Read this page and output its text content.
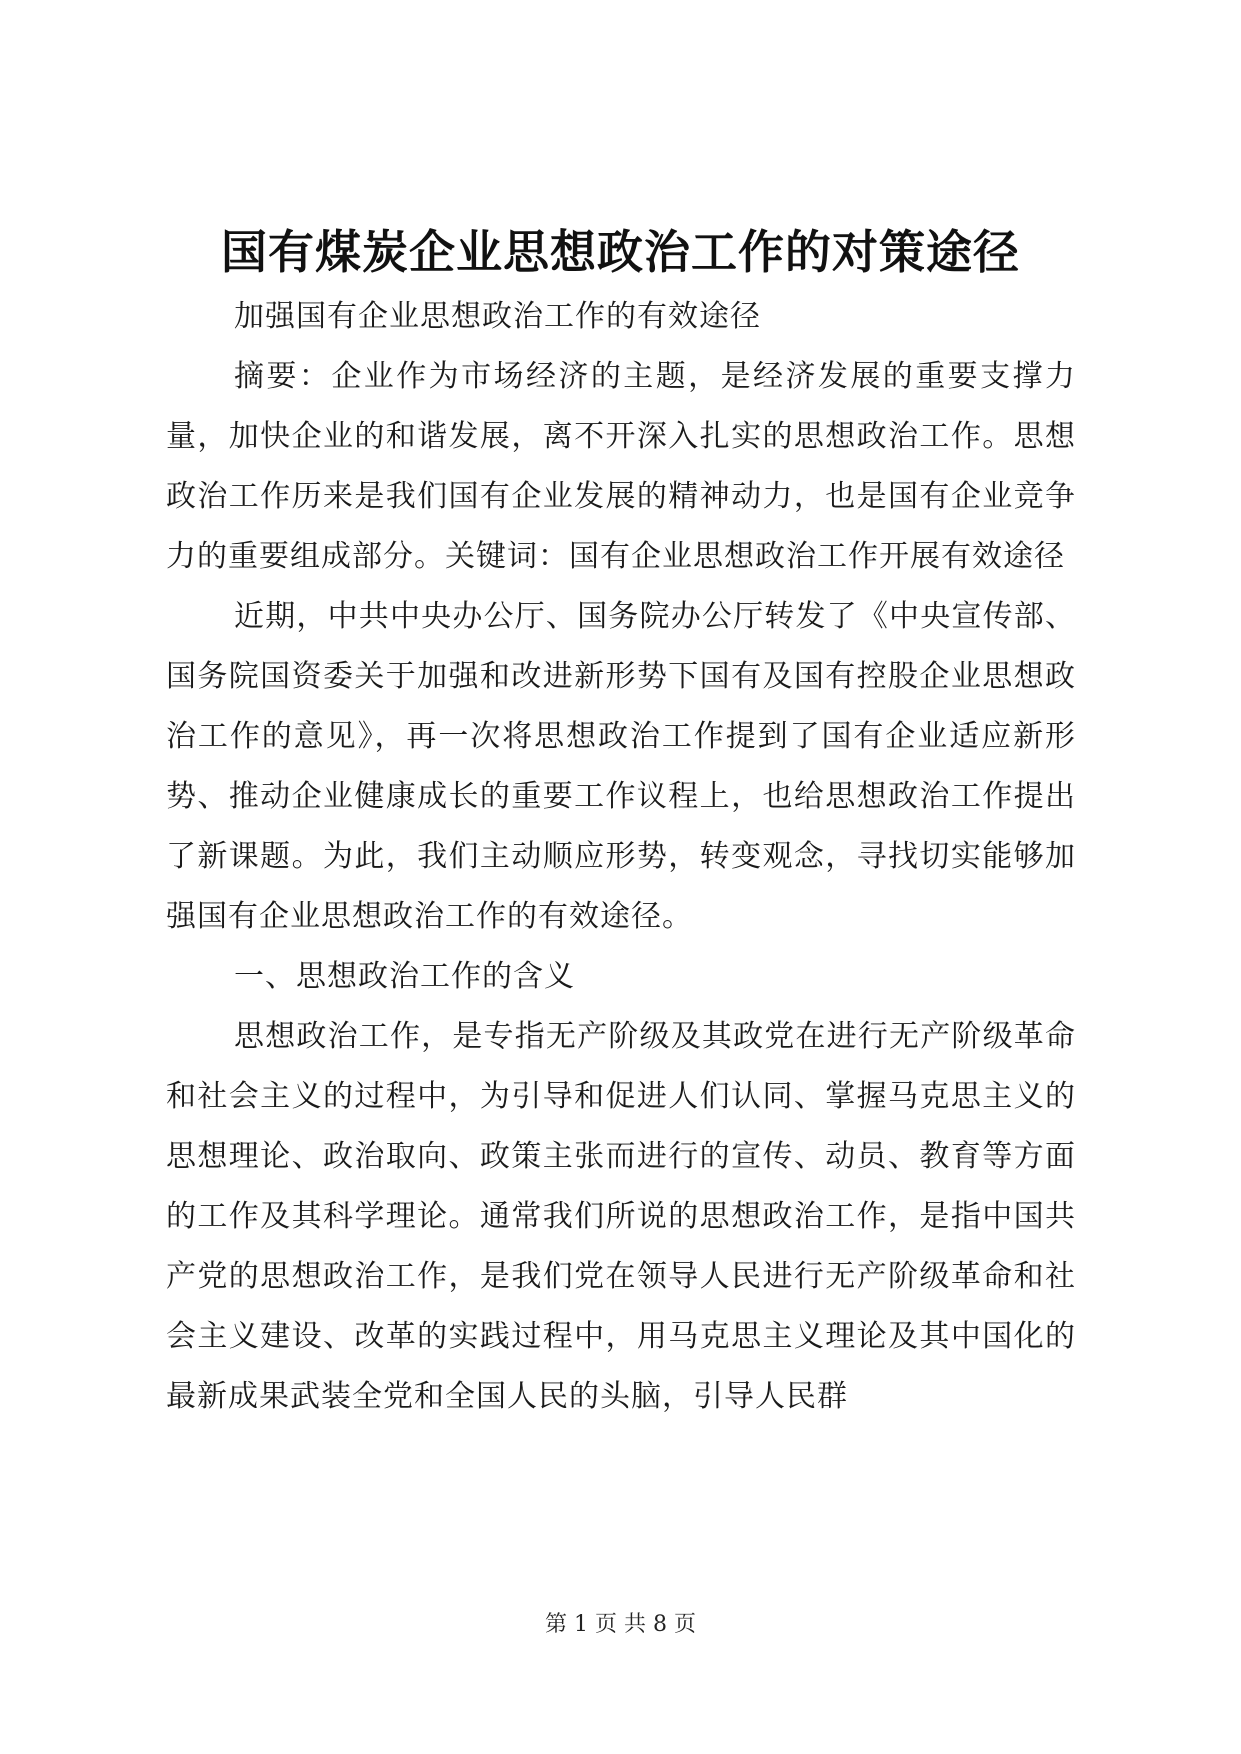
国有煤炭企业思想政治工作的对策途径

加强国有企业思想政治工作的有效途径

摘要：企业作为市场经济的主题，是经济发展的重要支撑力量，加快企业的和谐发展，离不开深入扎实的思想政治工作。思想政治工作历来是我们国有企业发展的精神动力，也是国有企业竞争力的重要组成部分。关键词：国有企业思想政治工作开展有效途径

近期，中共中央办公厅、国务院办公厅转发了《中央宣传部、国务院国资委关于加强和改进新形势下国有及国有控股企业思想政治工作的意见》，再一次将思想政治工作提到了国有企业适应新形势、推动企业健康成长的重要工作议程上，也给思想政治工作提出了新课题。为此，我们主动顺应形势，转变观念，寻找切实能够加强国有企业思想政治工作的有效途径。

一、思想政治工作的含义

思想政治工作，是专指无产阶级及其政党在进行无产阶级革命和社会主义的过程中，为引导和促进人们认同、掌握马克思主义的思想理论、政治取向、政策主张而进行的宣传、动员、教育等方面的工作及其科学理论。通常我们所说的思想政治工作，是指中国共产党的思想政治工作，是我们党在领导人民进行无产阶级革命和社会主义建设、改革的实践过程中，用马克思主义理论及其中国化的最新成果武装全党和全国人民的头脑，引导人民群

第 1 页 共 8 页
